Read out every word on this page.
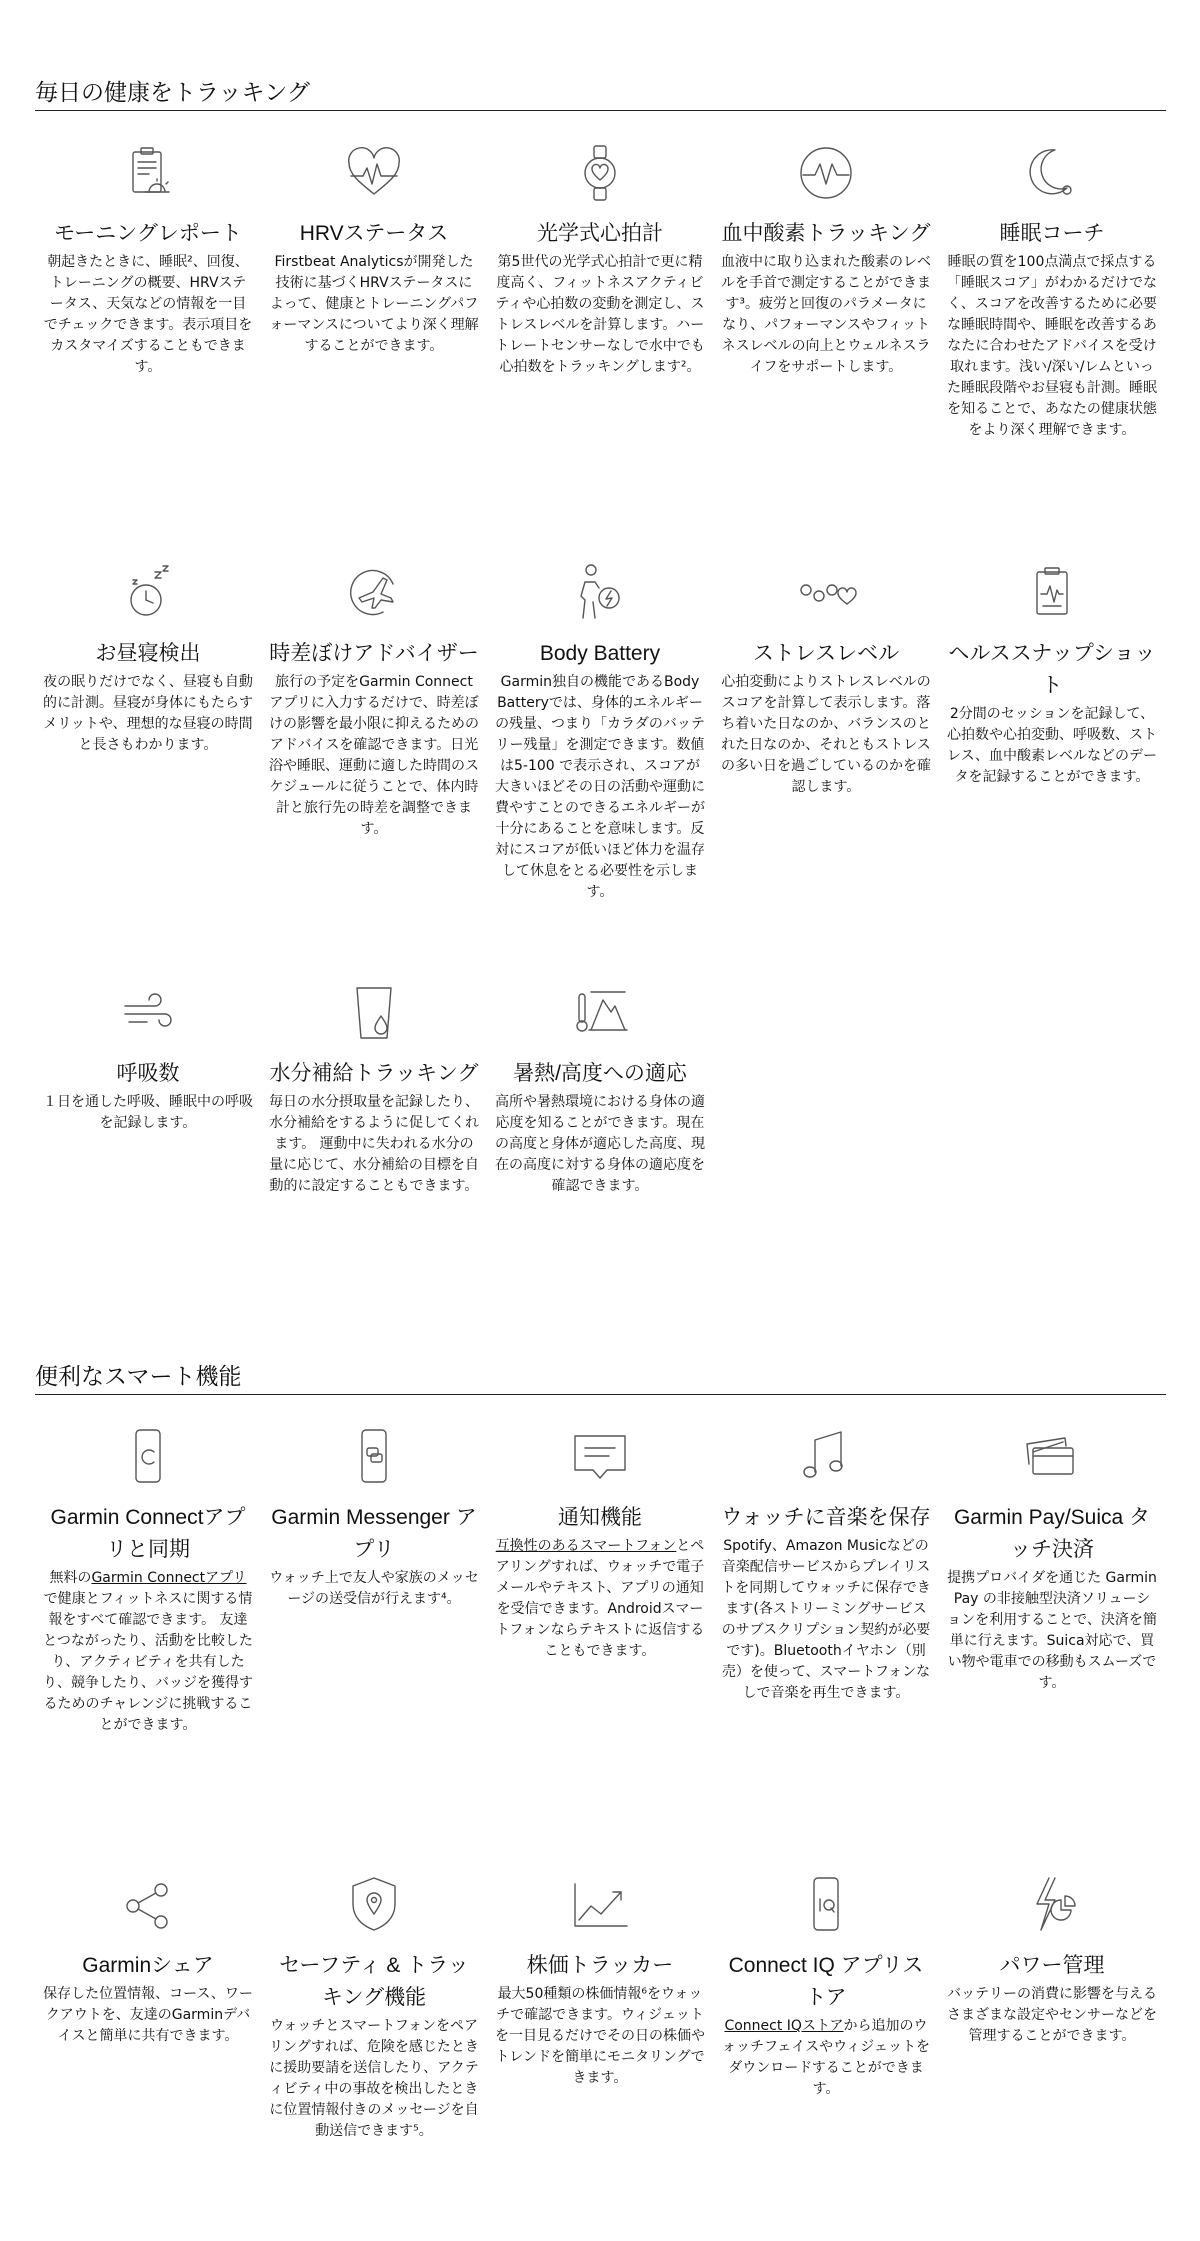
毎日の健康をトラッキング
モーニングレポート
朝起きたときに、睡眠²、回復、トレーニングの概要、HRVステータス、天気などの情報を一目でチェックできます。表示項目をカスタマイズすることもできます。
HRVステータス
Firstbeat Analyticsが開発した技術に基づくHRVステータスによって、健康とトレーニングパフォーマンスについてより深く理解することができます。
光学式心拍計
第5世代の光学式心拍計で更に精度高く、フィットネスアクティビティや心拍数の変動を測定し、ストレスレベルを計算します。ハートレートセンサーなしで水中でも心拍数をトラッキングします²。
血中酸素トラッキング
血液中に取り込まれた酸素のレベルを手首で測定することができます³。疲労と回復のパラメータになり、パフォーマンスやフィットネスレベルの向上とウェルネスライフをサポートします。
睡眠コーチ
睡眠の質を100点満点で採点する「睡眠スコア」がわかるだけでなく、スコアを改善するために必要な睡眠時間や、睡眠を改善するあなたに合わせたアドバイスを受け取れます。浅い/深い/レムといった睡眠段階やお昼寝も計測。睡眠を知ることで、あなたの健康状態をより深く理解できます。
お昼寝検出
夜の眠りだけでなく、昼寝も自動的に計測。昼寝が身体にもたらすメリットや、理想的な昼寝の時間と長さもわかります。
時差ぼけアドバイザー
旅行の予定をGarmin Connectアプリに入力するだけで、時差ぼけの影響を最小限に抑えるためのアドバイスを確認できます。日光浴や睡眠、運動に適した時間のスケジュールに従うことで、体内時計と旅行先の時差を調整できます。
Body Battery
Garmin独自の機能であるBody Batteryでは、身体的エネルギーの残量、つまり「カラダのバッテリー残量」を測定できます。数値は5-100 で表示され、スコアが大きいほどその日の活動や運動に費やすことのできるエネルギーが十分にあることを意味します。反対にスコアが低いほど体力を温存して休息をとる必要性を示します。
ストレスレベル
心拍変動によりストレスレベルのスコアを計算して表示します。落ち着いた日なのか、バランスのとれた日なのか、それともストレスの多い日を過ごしているのかを確認します。
ヘルススナップショット
2分間のセッションを記録して、心拍数や心拍変動、呼吸数、ストレス、血中酸素レベルなどのデータを記録することができます。
呼吸数
１日を通した呼吸、睡眠中の呼吸を記録します。
水分補給トラッキング
毎日の水分摂取量を記録したり、水分補給をするように促してくれます。 運動中に失われる水分の量に応じて、水分補給の目標を自動的に設定することもできます。
暑熱/高度への適応
高所や暑熱環境における身体の適応度を知ることができます。現在の高度と身体が適応した高度、現在の高度に対する身体の適応度を確認できます。
便利なスマート機能
Garmin Connectアプリと同期
無料のGarmin Connectアプリで健康とフィットネスに関する情報をすべて確認できます。 友達とつながったり、活動を比較したり、アクティビティを共有したり、競争したり、バッジを獲得するためのチャレンジに挑戦することができます。
Garmin Messenger アプリ
ウォッチ上で友人や家族のメッセージの送受信が行えます⁴。
通知機能
互換性のあるスマートフォンとペアリングすれば、ウォッチで電子メールやテキスト、アプリの通知を受信できます。Androidスマートフォンならテキストに返信することもできます。
ウォッチに音楽を保存
Spotify、Amazon Musicなどの音楽配信サービスからプレイリストを同期してウォッチに保存できます(各ストリーミングサービスのサブスクリプション契約が必要です)。Bluetoothイヤホン（別売）を使って、スマートフォンなしで音楽を再生できます。
Garmin Pay/Suica タッチ決済
提携プロバイダを通じた Garmin Pay の非接触型決済ソリューションを利用することで、決済を簡単に行えます。Suica対応で、買い物や電車での移動もスムーズです。
Garminシェア
保存した位置情報、コース、ワークアウトを、友達のGarminデバイスと簡単に共有できます。
セーフティ & トラッキング機能
ウォッチとスマートフォンをペアリングすれば、危険を感じたときに援助要請を送信したり、アクティビティ中の事故を検出したときに位置情報付きのメッセージを自動送信できます⁵。
株価トラッカー
最大50種類の株価情報⁶をウォッチで確認できます。ウィジェットを一目見るだけでその日の株価やトレンドを簡単にモニタリングできます。
Connect IQ アプリストア
Connect IQストアから追加のウォッチフェイスやウィジェットをダウンロードすることができます。
パワー管理
バッテリーの消費に影響を与えるさまざまな設定やセンサーなどを管理することができます。
